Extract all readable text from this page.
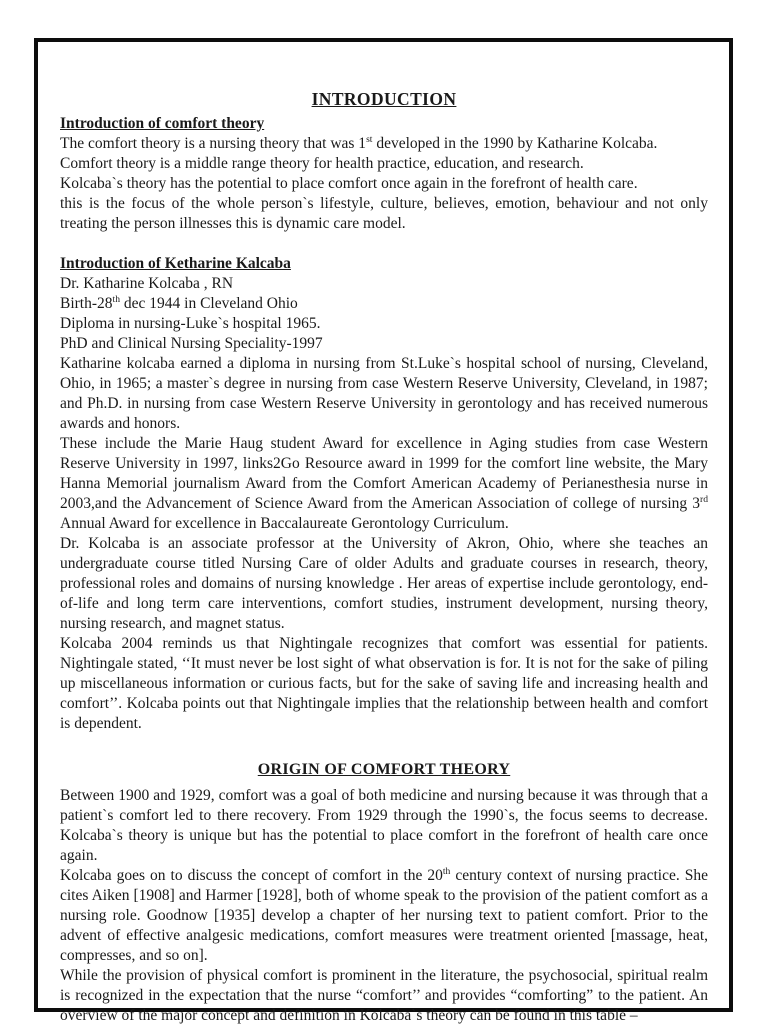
INTRODUCTION
Introduction of comfort theory

The comfort theory is a nursing theory that was 1st developed in the 1990 by Katharine Kolcaba.

Comfort theory is a middle range theory for health practice, education, and research.

Kolcaba`s theory has the potential to place comfort once again in the forefront of health care.

this is the focus of the whole person`s lifestyle, culture, believes, emotion, behaviour and not only treating the person illnesses this is dynamic care model.

Introduction of Ketharine Kalcaba

Dr. Katharine Kolcaba , RN

Birth-28th dec 1944 in Cleveland Ohio

Diploma in nursing-Luke`s hospital 1965.

PhD and Clinical Nursing Speciality-1997

Katharine kolcaba earned a diploma in nursing from St.Luke`s hospital school of nursing, Cleveland, Ohio, in 1965; a master`s degree in nursing from case Western Reserve University, Cleveland, in 1987; and Ph.D. in nursing from case Western Reserve University in gerontology and has received numerous awards and honors.

These include the Marie Haug student Award for excellence in Aging studies from case Western Reserve University in 1997, links2Go Resource award in 1999 for the comfort line website, the Mary Hanna Memorial journalism Award from the Comfort American Academy of Perianesthesia nurse in 2003,and the Advancement of Science Award from the American Association of college of nursing 3rd Annual Award for excellence in Baccalaureate Gerontology Curriculum.

Dr. Kolcaba is an associate professor at the University of Akron, Ohio, where she teaches an undergraduate course titled Nursing Care of older Adults and graduate courses in research, theory, professional roles and domains of nursing knowledge . Her areas of expertise include gerontology, end-of-life and long term care interventions, comfort studies, instrument development, nursing theory, nursing research, and magnet status.

Kolcaba 2004 reminds us that Nightingale recognizes that comfort was essential for patients. Nightingale stated, ‘‘It must never be lost sight of what observation is for. It is not for the sake of piling up miscellaneous information or curious facts, but for the sake of saving life and increasing health and comfort’’. Kolcaba points out that Nightingale implies that the relationship between health and comfort is dependent.

ORIGIN OF COMFORT THEORY

Between 1900 and 1929, comfort was a goal of both medicine and nursing because it was through that a patient`s comfort led to there recovery. From 1929 through the 1990`s, the focus seems to decrease. Kolcaba`s theory is unique but has the potential to place comfort in the forefront of health care once again.

Kolcaba goes on to discuss the concept of comfort in the 20th century context of nursing practice. She cites Aiken [1908] and Harmer [1928], both of whome speak to the provision of the patient comfort as a nursing role. Goodnow [1935] develop a chapter of her nursing text to patient comfort. Prior to the advent of effective analgesic medications, comfort measures were treatment oriented [massage, heat, compresses, and so on].

While the provision of physical comfort is prominent in the literature, the psychosocial, spiritual realm is recognized in the expectation that the nurse “comfort’’ and provides “comforting” to the patient. An overview of the major concept and definition in Kolcaba`s theory can be found in this table –
